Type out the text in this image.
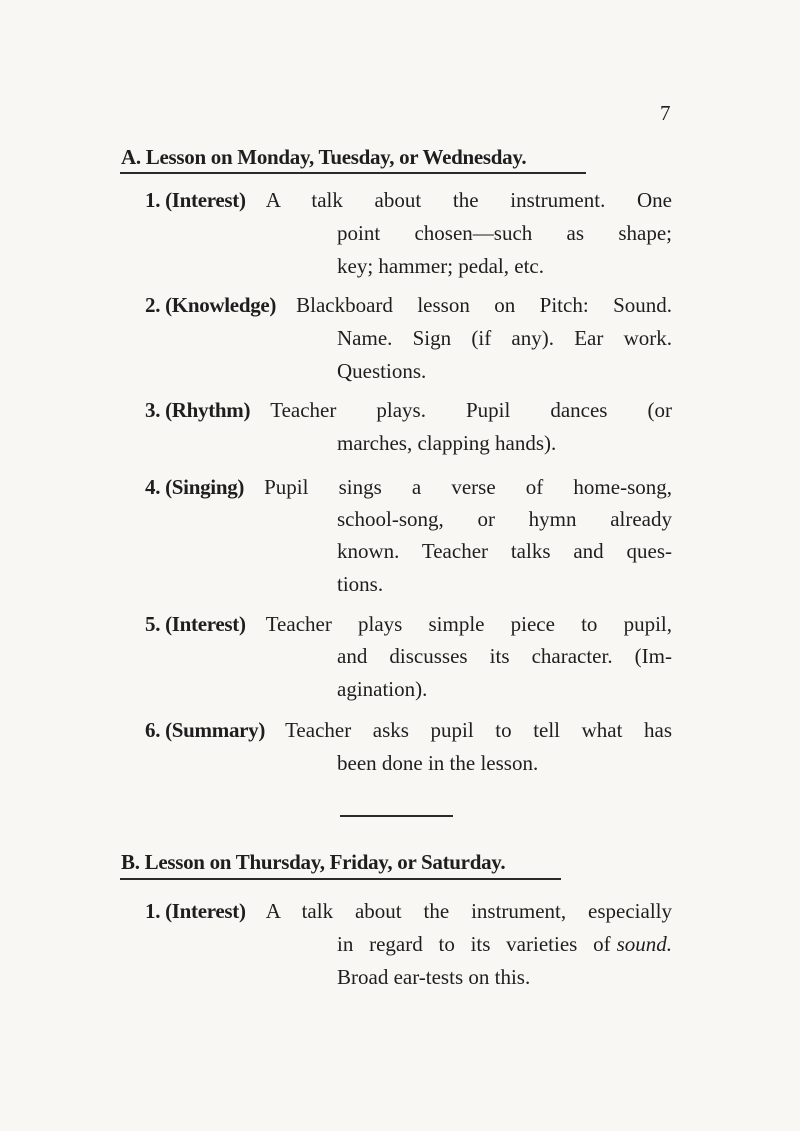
7
A. Lesson on Monday, Tuesday, or Wednesday.
1. (Interest) A talk about the instrument. One
point chosen—such as shape;
key; hammer; pedal, etc.
2. (Knowledge) Blackboard lesson on Pitch: Sound.
Name. Sign (if any). Ear work.
Questions.
3. (Rhythm) Teacher plays. Pupil dances (or
marches, clapping hands).
4. (Singing) Pupil sings a verse of home-song,
school-song, or hymn already
known. Teacher talks and ques-
tions.
5. (Interest) Teacher plays simple piece to pupil,
and discusses its character. (Im-
agination).
6. (Summary) Teacher asks pupil to tell what has
been done in the lesson.
B. Lesson on Thursday, Friday, or Saturday.
1. (Interest) A talk about the instrument, especially
in regard to its varieties of sound.
Broad ear-tests on this.
